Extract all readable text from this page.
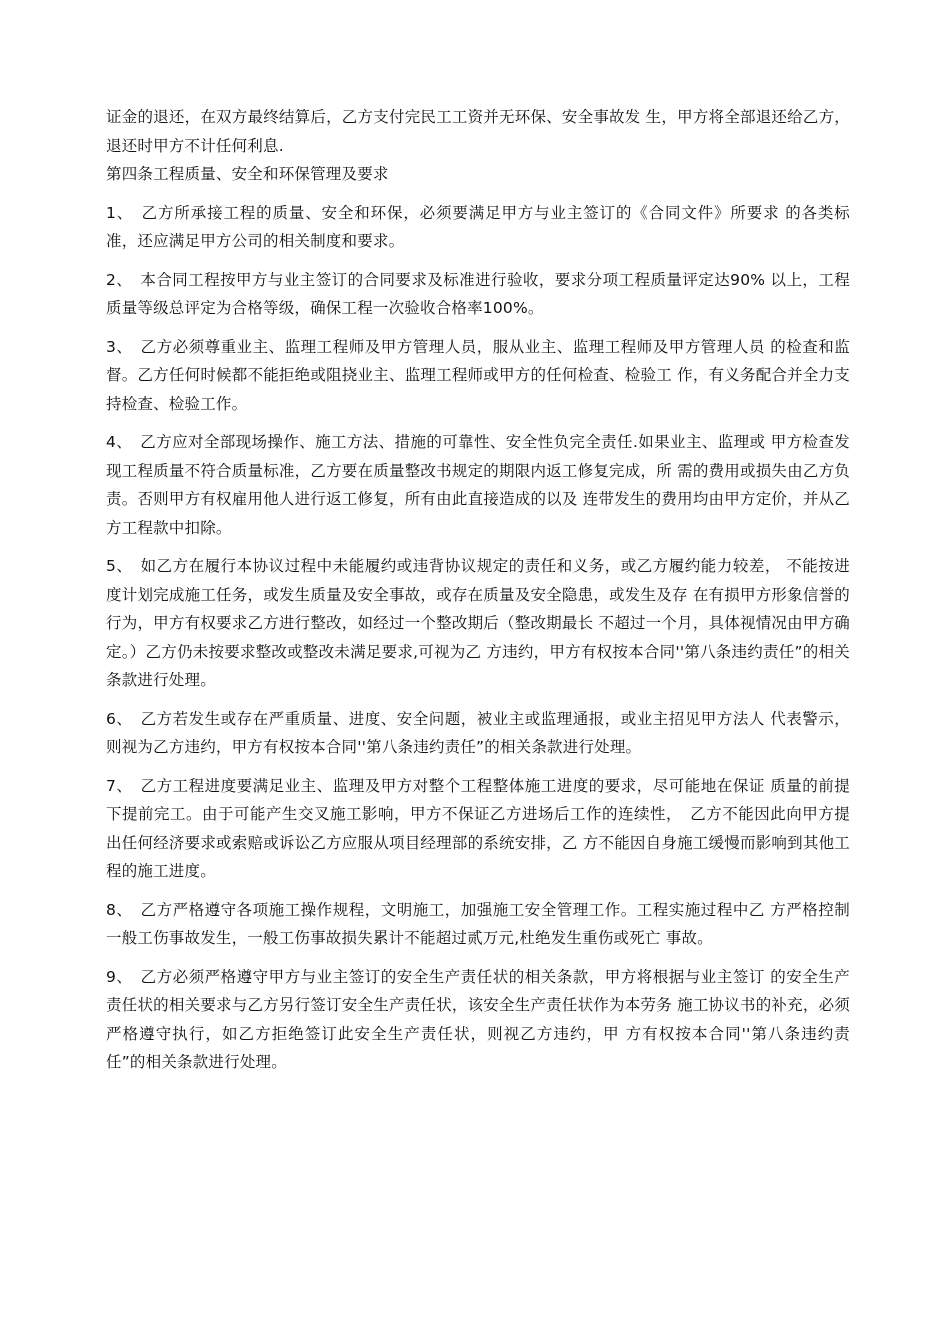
证金的退还，在双方最终结算后，乙方支付完民工工资并无环保、安全事故发 生，甲方将全部退还给乙方，退还时甲方不计任何利息.

第四条工程质量、安全和环保管理及要求

1、　乙方所承接工程的质量、安全和环保，必须要满足甲方与业主签订的《合同文件》所要求 的各类标准，还应满足甲方公司的相关制度和要求。

2、　本合同工程按甲方与业主签订的合同要求及标准进行验收，要求分项工程质量评定达90% 以上，工程质量等级总评定为合格等级，确保工程一次验收合格率100%。

3、　乙方必须尊重业主、监理工程师及甲方管理人员，服从业主、监理工程师及甲方管理人员 的检查和监督。乙方任何时候都不能拒绝或阻挠业主、监理工程师或甲方的任何检查、检验工 作，有义务配合并全力支持检查、检验工作。

4、　乙方应对全部现场操作、施工方法、措施的可靠性、安全性负完全责任.如果业主、监理或 甲方检查发现工程质量不符合质量标准，乙方要在质量整改书规定的期限内返工修复完成，所 需的费用或损失由乙方负责。否则甲方有权雇用他人进行返工修复，所有由此直接造成的以及 连带发生的费用均由甲方定价，并从乙方工程款中扣除。

5、　如乙方在履行本协议过程中未能履约或违背协议规定的责任和义务，或乙方履约能力较差， 不能按进度计划完成施工任务，或发生质量及安全事故，或存在质量及安全隐患，或发生及存 在有损甲方形象信誉的行为，甲方有权要求乙方进行整改，如经过一个整改期后（整改期最长 不超过一个月，具体视情况由甲方确定。）乙方仍未按要求整改或整改未满足要求,可视为乙 方违约，甲方有权按本合同''第八条违约责任”的相关条款进行处理。

6、　乙方若发生或存在严重质量、进度、安全问题，被业主或监理通报，或业主招见甲方法人 代表警示，则视为乙方违约，甲方有权按本合同''第八条违约责任”的相关条款进行处理。

7、　乙方工程进度要满足业主、监理及甲方对整个工程整体施工进度的要求，尽可能地在保证 质量的前提下提前完工。由于可能产生交叉施工影响，甲方不保证乙方进场后工作的连续性，　乙方不能因此向甲方提出任何经济要求或索赔或诉讼乙方应服从项目经理部的系统安排，乙 方不能因自身施工缓慢而影响到其他工程的施工进度。

8、　乙方严格遵守各项施工操作规程，文明施工，加强施工安全管理工作。工程实施过程中乙 方严格控制一般工伤事故发生，一般工伤事故损失累计不能超过贰万元,杜绝发生重伤或死亡 事故。

9、　乙方必须严格遵守甲方与业主签订的安全生产责任状的相关条款，甲方将根据与业主签订 的安全生产责任状的相关要求与乙方另行签订安全生产责任状，该安全生产责任状作为本劳务 施工协议书的补充，必须严格遵守执行，如乙方拒绝签订此安全生产责任状，则视乙方违约，甲 方有权按本合同''第八条违约责任”的相关条款进行处理。
